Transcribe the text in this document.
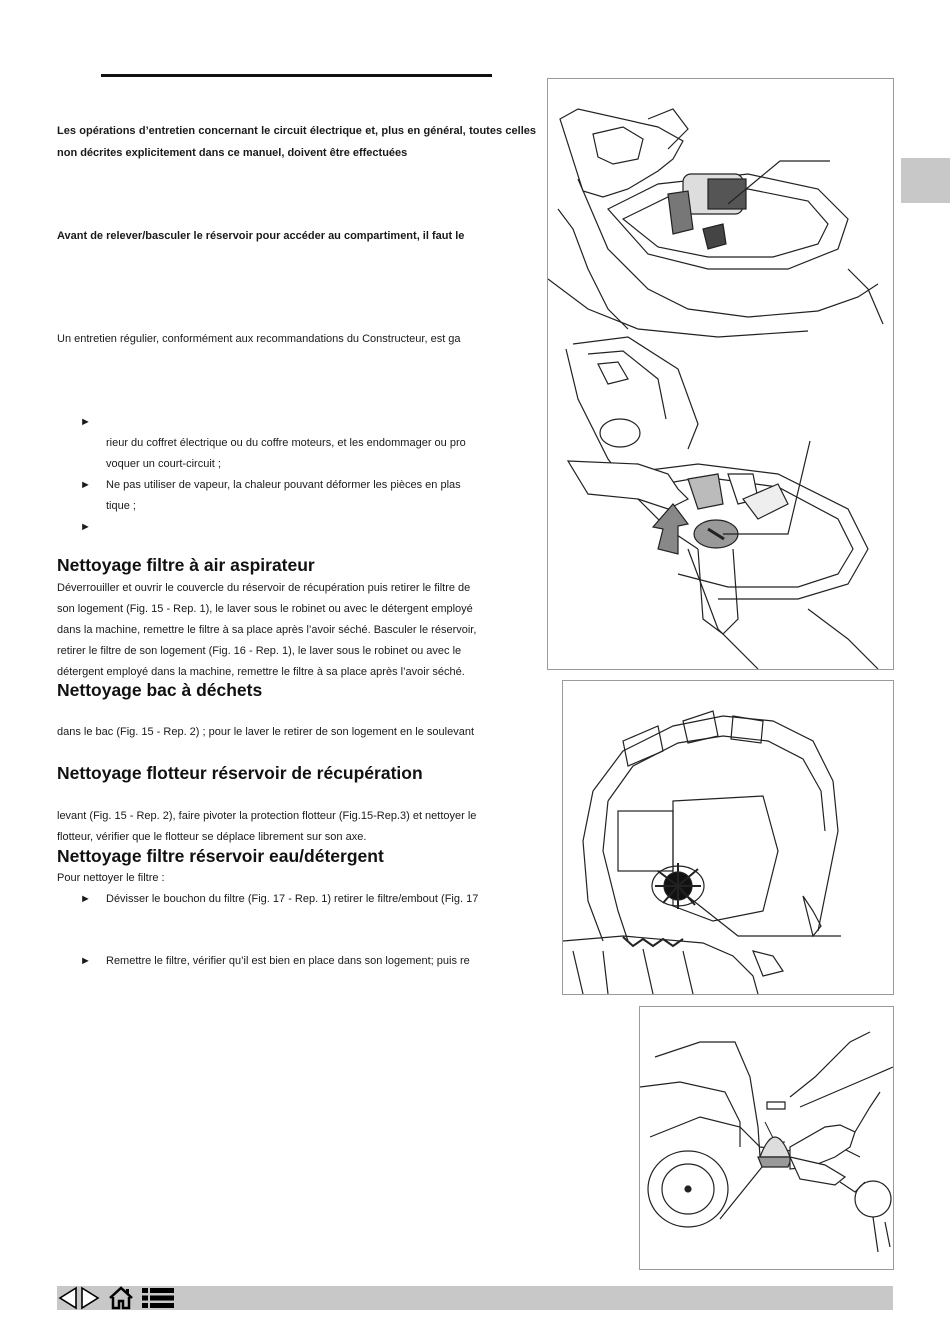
Les opérations d’entretien concernant le circuit électrique et, plus en général, toutes celles non décrites explicitement dans ce manuel, doivent être effectuées
Avant de relever/basculer le réservoir pour accéder au compartiment, il faut le
Un entretien régulier, conformément aux recommandations du Constructeur, est ga
►
rieur du coffret électrique ou du coffre moteurs, et les endommager ou pro
voquer un court-circuit ;
► Ne pas utiliser de vapeur, la chaleur pouvant déformer les pièces en plas
tique ;
►
Nettoyage filtre à air aspirateur
Déverrouiller et ouvrir le couvercle du réservoir de récupération puis retirer le filtre de
son logement (Fig. 15 - Rep. 1), le laver sous le robinet ou avec le détergent employé
dans la machine, remettre le filtre à sa place après l’avoir séché. Basculer le réservoir,
retirer le filtre de son logement (Fig. 16 - Rep. 1), le laver sous le robinet ou avec le
détergent employé dans la machine, remettre le filtre à sa place après l’avoir séché.
Nettoyage bac à déchets
dans le bac (Fig. 15 - Rep. 2) ; pour le laver le retirer de son logement en le soulevant
Nettoyage flotteur réservoir de récupération
levant (Fig. 15 - Rep. 2), faire pivoter la protection flotteur (Fig.15-Rep.3) et nettoyer le
flotteur, vérifier que le flotteur se déplace librement sur son axe.
Nettoyage filtre réservoir eau/détergent
Pour nettoyer le filtre :
► Dévisser le bouchon du filtre (Fig. 17 - Rep. 1) retirer le filtre/embout (Fig. 17
► Remettre le filtre, vérifier qu’il est bien en place dans son logement; puis re
